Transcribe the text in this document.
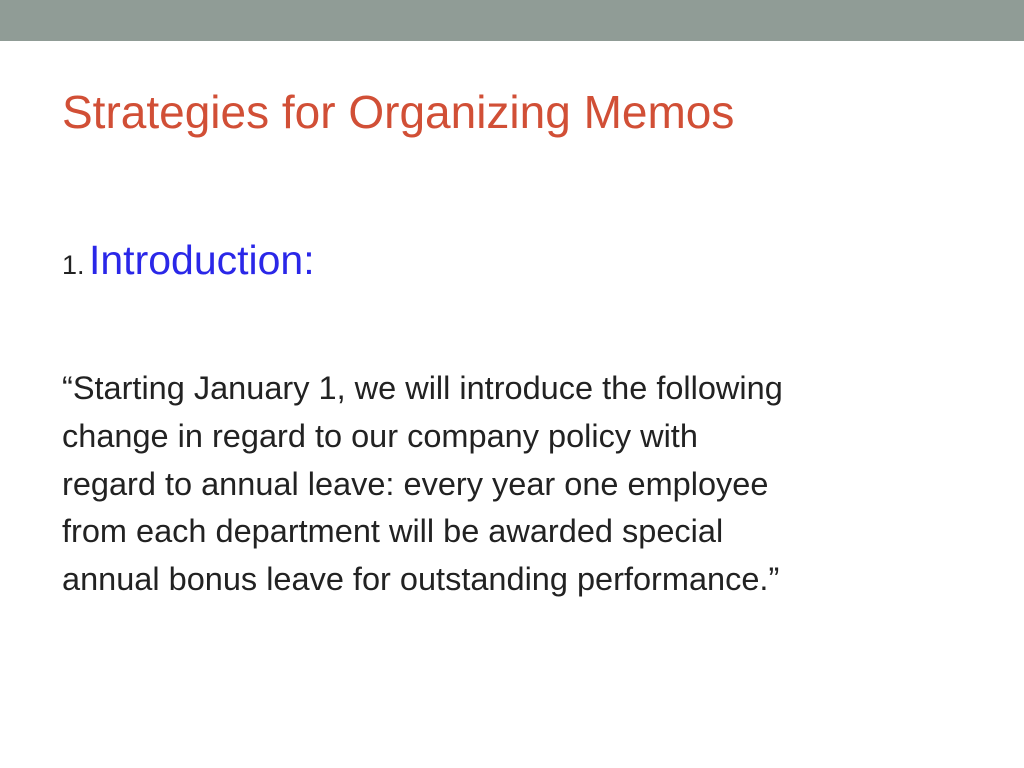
Strategies for Organizing Memos
1. Introduction:

“Starting January 1, we will introduce the following
change in regard to our company policy with
regard to annual leave: every year one employee
from each department will be awarded special
annual bonus leave for outstanding performance.”
